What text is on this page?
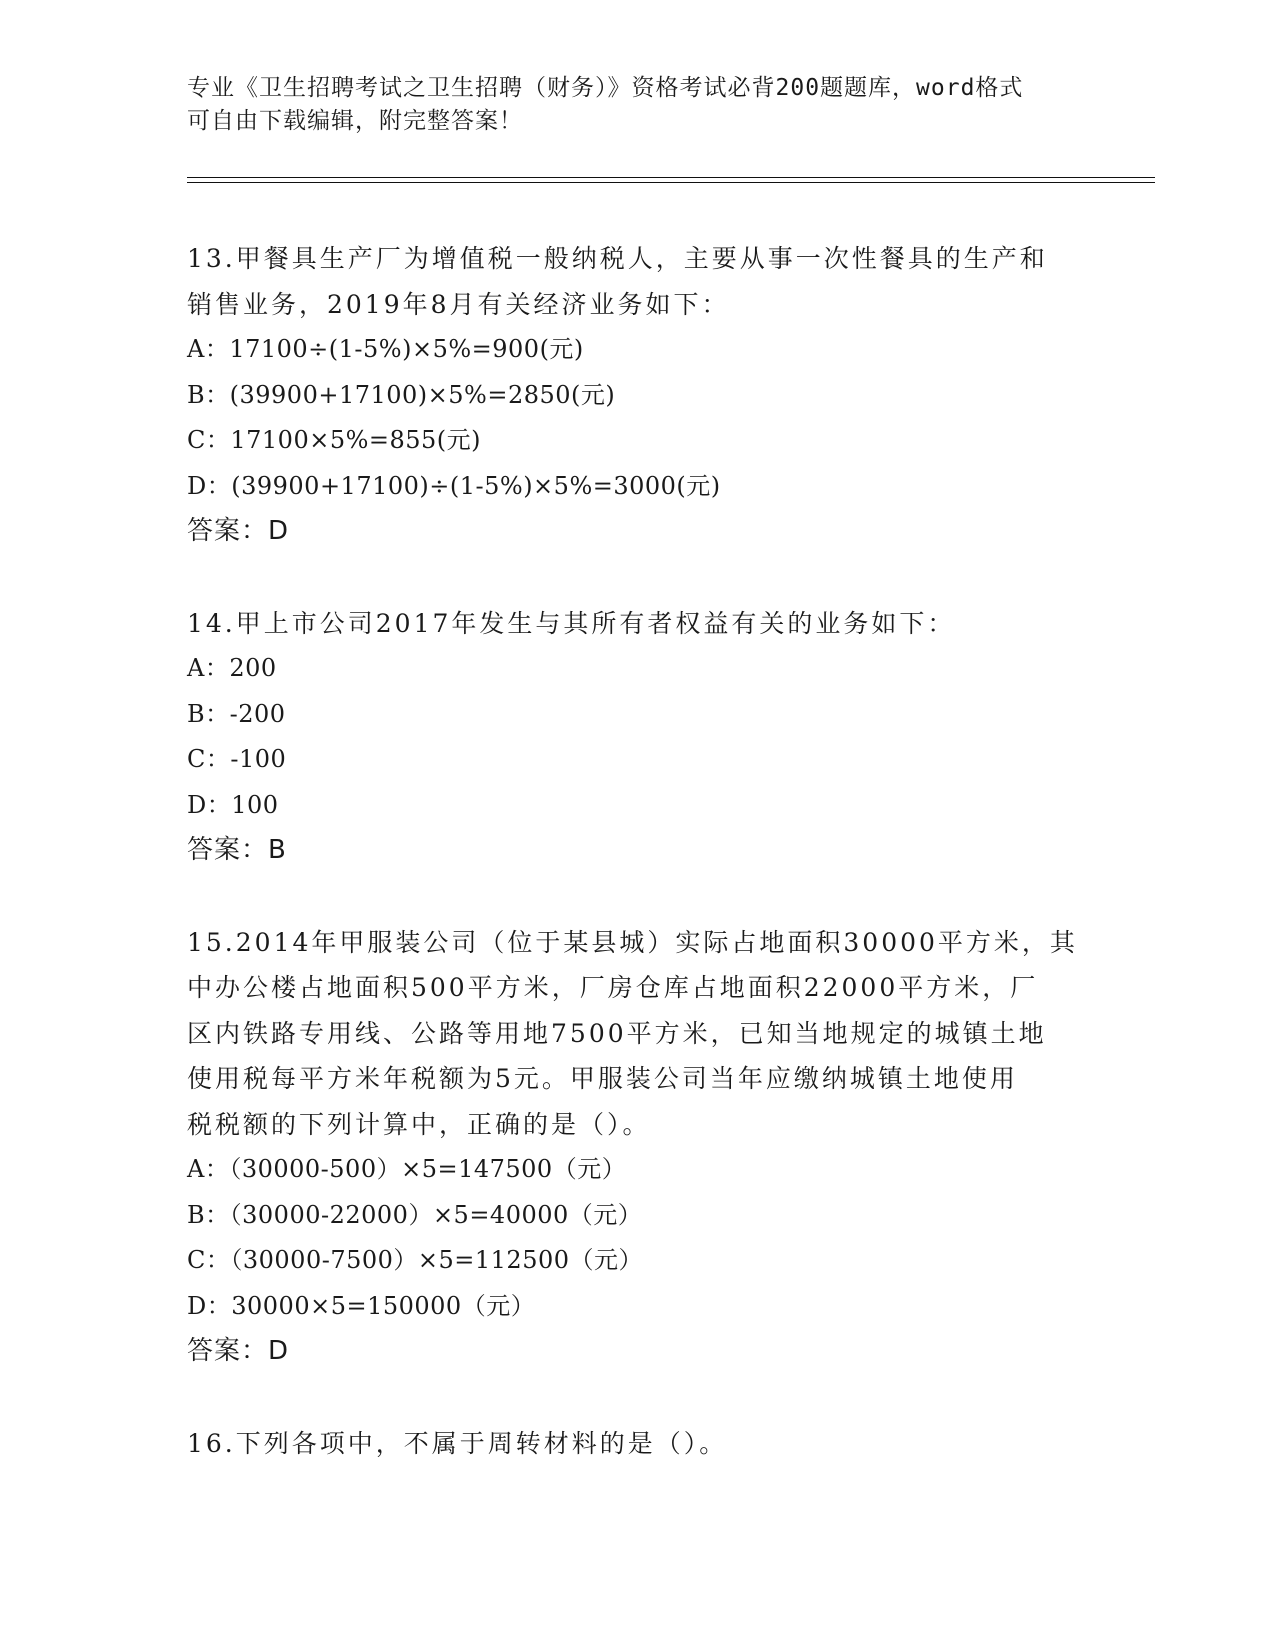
专业《卫生招聘考试之卫生招聘（财务）》资格考试必背200题题库，word格式
可自由下载编辑，附完整答案！
13.甲餐具生产厂为增值税一般纳税人，主要从事一次性餐具的生产和
销售业务，2019年8月有关经济业务如下：
A：17100÷(1-5%)×5%=900(元)
B：(39900+17100)×5%=2850(元)
C：17100×5%=855(元)
D：(39900+17100)÷(1-5%)×5%=3000(元)
答案：D
14.甲上市公司2017年发生与其所有者权益有关的业务如下：
A：200
B：-200
C：-100
D：100
答案：B
15.2014年甲服装公司（位于某县城）实际占地面积30000平方米，其
中办公楼占地面积500平方米，厂房仓库占地面积22000平方米，厂
区内铁路专用线、公路等用地7500平方米，已知当地规定的城镇土地
使用税每平方米年税额为5元。甲服装公司当年应缴纳城镇土地使用
税税额的下列计算中，正确的是（）。
A：（30000-500）×5=147500（元）
B：（30000-22000）×5=40000（元）
C：（30000-7500）×5=112500（元）
D：30000×5=150000（元）
答案：D
16.下列各项中，不属于周转材料的是（）。
